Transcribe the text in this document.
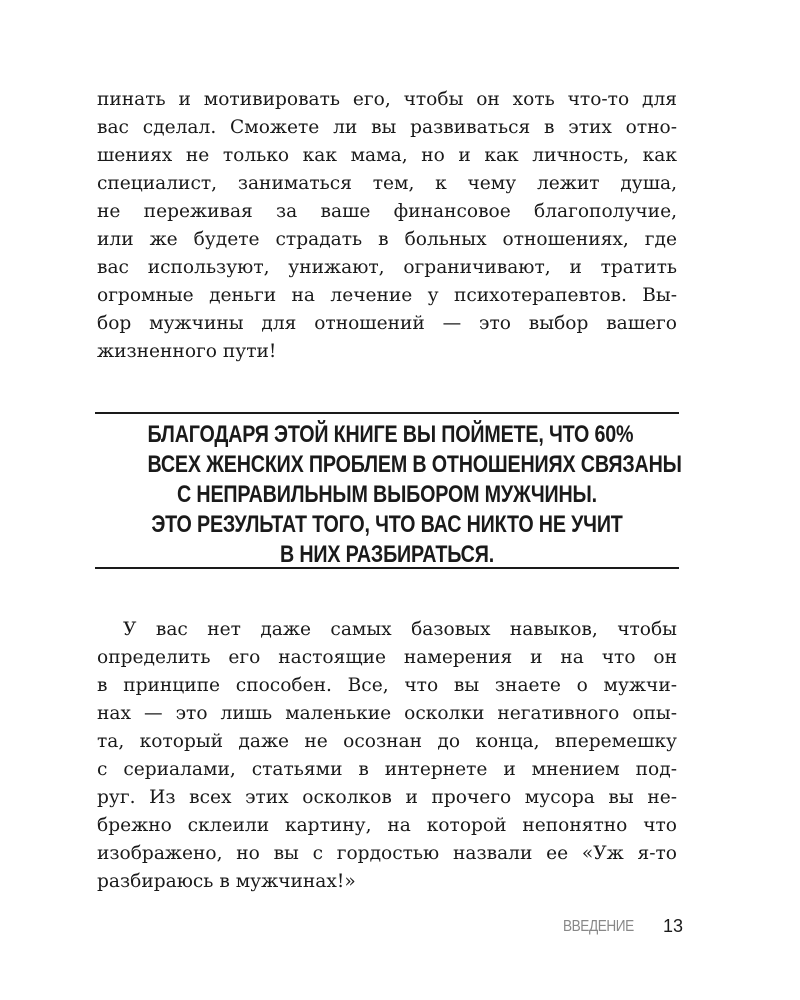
пинать и мотивировать его, чтобы он хоть что-то для
вас сделал. Сможете ли вы развиваться в этих отно-
шениях не только как мама, но и как личность, как
специалист, заниматься тем, к чему лежит душа,
не переживая за ваше финансовое благополучие,
или же будете страдать в больных отношениях, где
вас используют, унижают, ограничивают, и тратить
огромные деньги на лечение у психотерапевтов. Вы-
бор мужчины для отношений — это выбор вашего
жизненного пути!
БЛАГОДАРЯ ЭТОЙ КНИГЕ ВЫ ПОЙМЕТЕ, ЧТО 60%
ВСЕХ ЖЕНСКИХ ПРОБЛЕМ В ОТНОШЕНИЯХ СВЯЗАНЫ
С НЕПРАВИЛЬНЫМ ВЫБОРОМ МУЖЧИНЫ.
ЭТО РЕЗУЛЬТАТ ТОГО, ЧТО ВАС НИКТО НЕ УЧИТ
В НИХ РАЗБИРАТЬСЯ.
У вас нет даже самых базовых навыков, чтобы
определить его настоящие намерения и на что он
в принципе способен. Все, что вы знаете о мужчи-
нах — это лишь маленькие осколки негативного опы-
та, который даже не осознан до конца, вперемешку
с сериалами, статьями в интернете и мнением под-
руг. Из всех этих осколков и прочего мусора вы не-
брежно склеили картину, на которой непонятно что
изображено, но вы с гордостью назвали ее «Уж я-то
разбираюсь в мужчинах!»
ВВЕДЕНИЕ 13
